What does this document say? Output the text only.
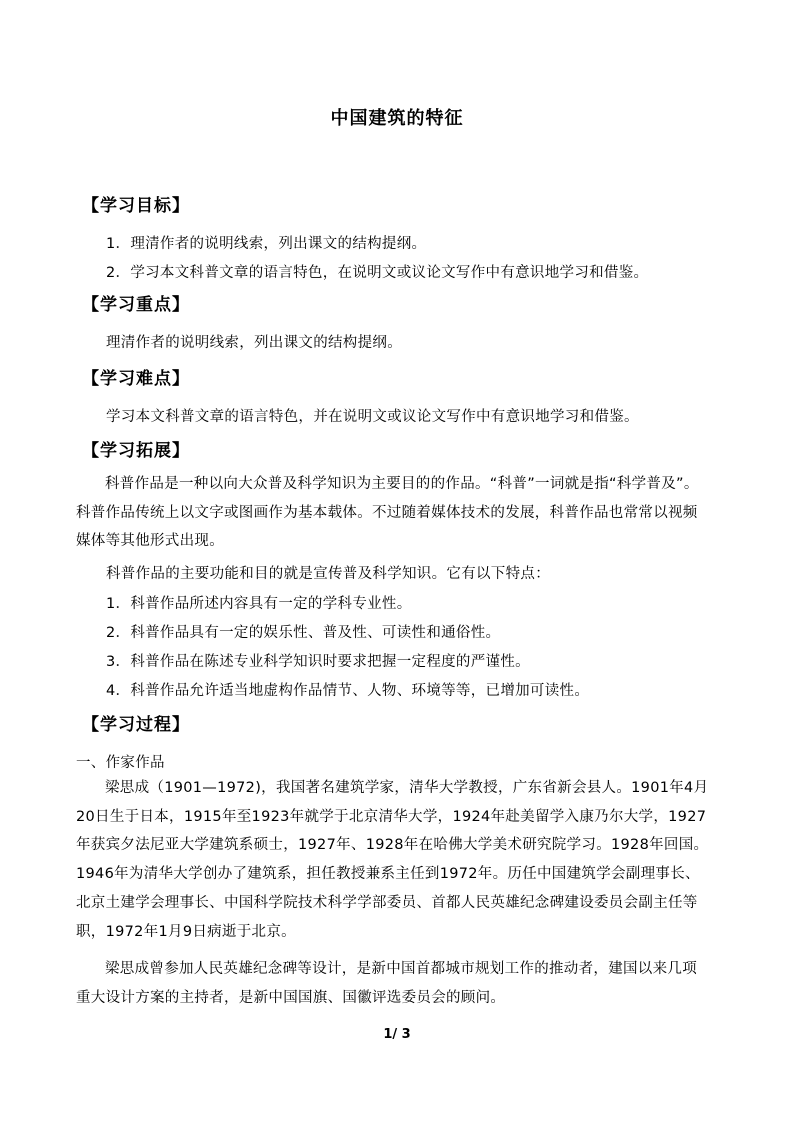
中国建筑的特征
【学习目标】
1．理清作者的说明线索，列出课文的结构提纲。
2．学习本文科普文章的语言特色，在说明文或议论文写作中有意识地学习和借鉴。
【学习重点】
理清作者的说明线索，列出课文的结构提纲。
【学习难点】
学习本文科普文章的语言特色，并在说明文或议论文写作中有意识地学习和借鉴。
【学习拓展】
科普作品是一种以向大众普及科学知识为主要目的的作品。“科普”一词就是指“科学普及”。科普作品传统上以文字或图画作为基本载体。不过随着媒体技术的发展，科普作品也常常以视频媒体等其他形式出现。
科普作品的主要功能和目的就是宣传普及科学知识。它有以下特点：
1．科普作品所述内容具有一定的学科专业性。
2．科普作品具有一定的娱乐性、普及性、可读性和通俗性。
3．科普作品在陈述专业科学知识时要求把握一定程度的严谨性。
4．科普作品允许适当地虚构作品情节、人物、环境等等，已增加可读性。
【学习过程】
一、作家作品
梁思成（1901—1972)，我国著名建筑学家，清华大学教授，广东省新会县人。1901年4月20日生于日本，1915年至1923年就学于北京清华大学，1924年赴美留学入康乃尔大学，1927年获宾夕法尼亚大学建筑系硕士，1927年、1928年在哈佛大学美术研究院学习。1928年回国。 1946年为清华大学创办了建筑系，担任教授兼系主任到1972年。历任中国建筑学会副理事长、北京土建学会理事长、中国科学院技术科学学部委员、首都人民英雄纪念碑建设委员会副主任等职，1972年1月9日病逝于北京。
梁思成曾参加人民英雄纪念碑等设计，是新中国首都城市规划工作的推动者，建国以来几项重大设计方案的主持者，是新中国国旗、国徽评选委员会的顾问。
1/ 3
